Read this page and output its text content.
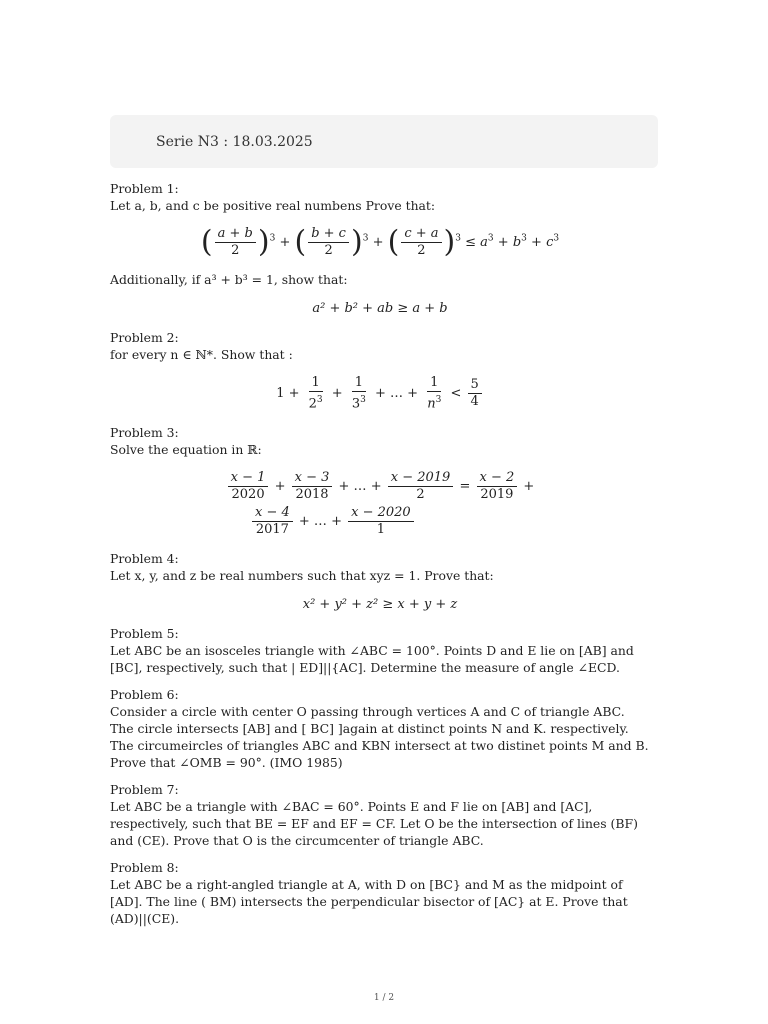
Serie N3 : 18.03.2025
Problem 1:
Let a, b, and c be positive real numbens Prove that:
( $\frac{a + b}{2} )^3$ + ( $\frac{b + c}{2} )^3$ + ( $\frac{c + a}{2} )^3 \le a^3 + b^3 + c^3$
Additionally, if a³ + b³ = 1, show that:
a² + b² + ab ≥ a + b
Problem 2:
for every n ∈ ℕ*. Show that :
$1 + \frac{1}{2^3} + \frac{1}{3^3}$ + … + $\frac{1}{n^3} < \frac{5}{4}$
Problem 3:
Solve the equation in ℝ:
$\frac{x - 1}{2020} + \frac{x - 3}{2018}$ + … + $\frac{x - 2019}{2} = \frac{x - 2}{2019}$ +
$\frac{x - 4}{2017}$ + … + $\frac{x - 2020}{1}$
Problem 4:
Let x, y, and z be real numbers such that xyz = 1. Prove that:
x² + y² + z² ≥ x + y + z
Problem 5:
Let ABC be an isosceles triangle with ∠ABC = 100°. Points D and E lie on [AB] and [BC], respectively, such that | ED]||{AC]. Determine the measure of angle ∠ECD.
Problem 6:
Consider a circle with center O passing through vertices A and C of triangle ABC. The circle intersects [AB] and [ BC] ]again at distinct points N and K. respectively. The circumeircles of triangles ABC and KBN intersect at two distinet points M and B. Prove that ∠OMB = 90°. (IMO 1985)
Problem 7:
Let ABC be a triangle with ∠BAC = 60°. Points E and F lie on [AB] and [AC], respectively, such that BE = EF and EF = CF. Let O be the intersection of lines (BF) and (CE). Prove that O is the circumcenter of triangle ABC.
Problem 8:
Let ABC be a right-angled triangle at A, with D on [BC} and M as the midpoint of [AD]. The line ( BM) intersects the perpendicular bisector of [AC} at E. Prove that (AD)||(CE).
1 / 2
